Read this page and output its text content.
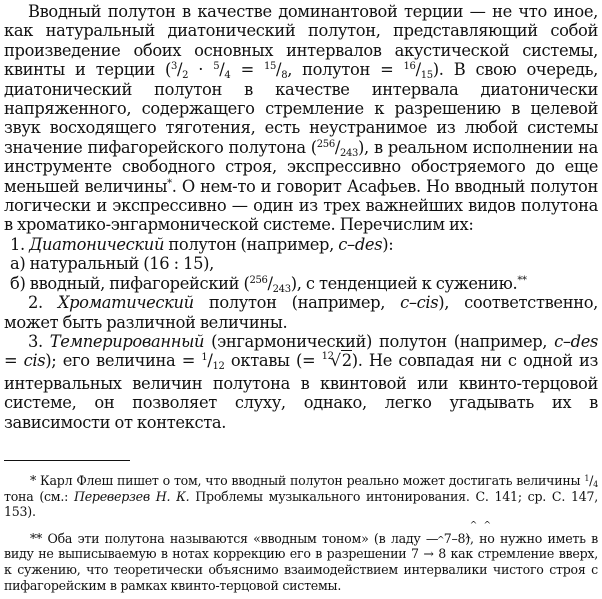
Вводный полутон в качестве доминантовой терции — не что иное, как натуральный диатонический полутон, представляющий собой произведение обоих основных интервалов акустической системы, квинты и терции ($^3/_2 \cdot ^5/_4 = ^{15}/_8$, полутон = $^{16}/_{15}$). В свою очередь, диатонический полутон в качестве интервала диатонически напряженного, содержащего стремление к разрешению в целевой звук восходящего тяготения, есть неустранимое из любой системы значение пифагорейского полутона $(^{256}/_{243})$, в реальном исполнении на инструменте свободного строя, экспрессивно обостряемого до еще меньшей величины*. О нем-то и говорит Асафьев. Но вводный полутон логически и экспрессивно — один из трех важнейших видов полутона в хроматико-энгармонической системе. Перечислим их:

1. Диатонический полутон (например, c–des):

а) натуральный (16 : 15),

б) вводный, пифагорейский $(^{256}/_{243})$, с тенденцией к сужению.**

2. Хроматический полутон (например, c–cis), соответственно, может быть различной величины.

3. Темперированный (энгармонический) полутон (например, c–des = cis); его величина = $^1/_{12}$ октавы (= $^{12}$√2). Не совпадая ни с одной из интервальных величин полутона в квинтовой или квинто-терцовой системе, он позволяет слуху, однако, легко угадывать их в зависимости от контекста.

* Карл Флеш пишет о том, что вводный полутон реально может достигать величины $^1/_4$ тона (см.: Переверзев Н. К. Проблемы музыкального интонирования. С. 141; ср. С. 147, 153).

** Оба эти полутона называются «вводным тоном» (в ладу — ^ 7–^ 8), но нужно иметь в виду не выписываемую в нотах коррекцию его в разрешении ^ 7 → ^ 8 как стремление вверх, к сужению, что теоретически объяснимо взаимодействием интервалики чистого строя с пифагорейским в рамках квинто-терцовой системы.
